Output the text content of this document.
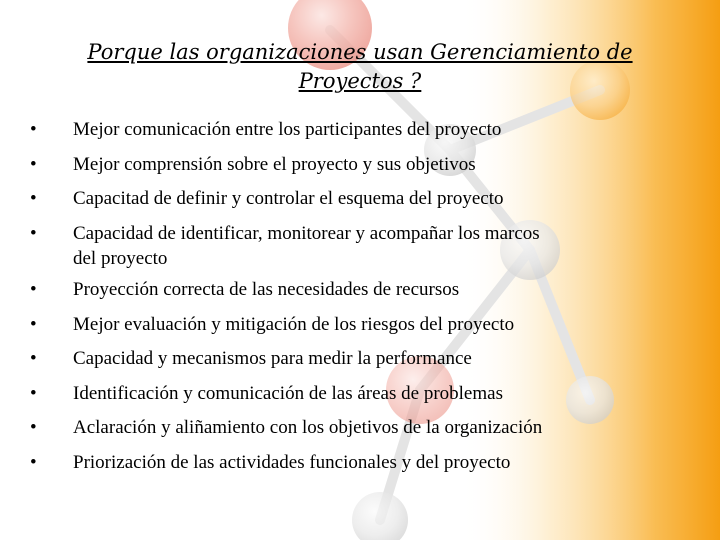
Porque las organizaciones usan Gerenciamiento de
Proyectos ?
• Mejor comunicación entre los participantes del proyecto
• Mejor comprensión sobre el proyecto y sus objetivos
• Capacitad de definir y controlar el esquema del proyecto
• Capacidad de identificar, monitorear y acompañar los marcos
del proyecto
• Proyección correcta de las necesidades de recursos
• Mejor evaluación y mitigación de los riesgos del proyecto
• Capacidad y mecanismos para medir la performance
• Identificación y comunicación de las áreas de problemas
• Aclaración y aliñamiento con los objetivos de la organización
• Priorización de las actividades funcionales y del proyecto
